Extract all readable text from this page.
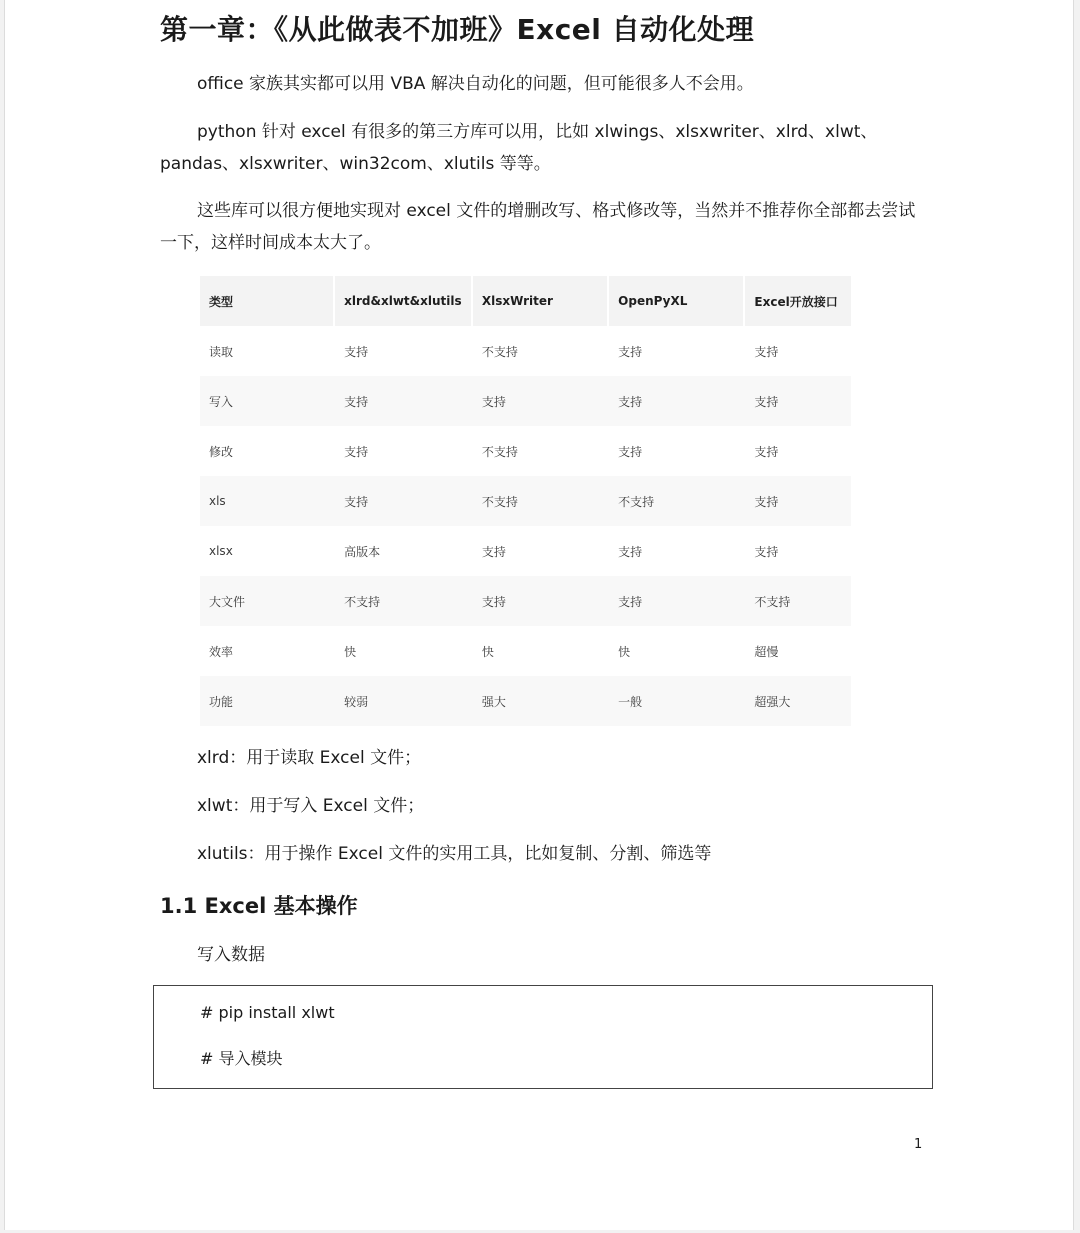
第一章：《从此做表不加班》Excel 自动化处理

office 家族其实都可以用 VBA 解决自动化的问题，但可能很多人不会用。

python 针对 excel 有很多的第三方库可以用，比如 xlwings、xlsxwriter、xlrd、xlwt、pandas、xlsxwriter、win32com、xlutils 等等。

这些库可以很方便地实现对 excel 文件的增删改写、格式修改等，当然并不推荐你全部都去尝试一下，这样时间成本太大了。

类型	xlrd&xlwt&xlutils	XlsxWriter	OpenPyXL	Excel开放接口
读取	支持	不支持	支持	支持
写入	支持	支持	支持	支持
修改	支持	不支持	支持	支持
xls	支持	不支持	不支持	支持
xlsx	高版本	支持	支持	支持
大文件	不支持	支持	支持	不支持
效率	快	快	快	超慢
功能	较弱	强大	一般	超强大
xlrd：用于读取 Excel 文件；
xlwt：用于写入 Excel 文件；
xlutils：用于操作 Excel 文件的实用工具，比如复制、分割、筛选等
1.1 Excel 基本操作
写入数据
# pip install xlwt
# 导入模块
1
